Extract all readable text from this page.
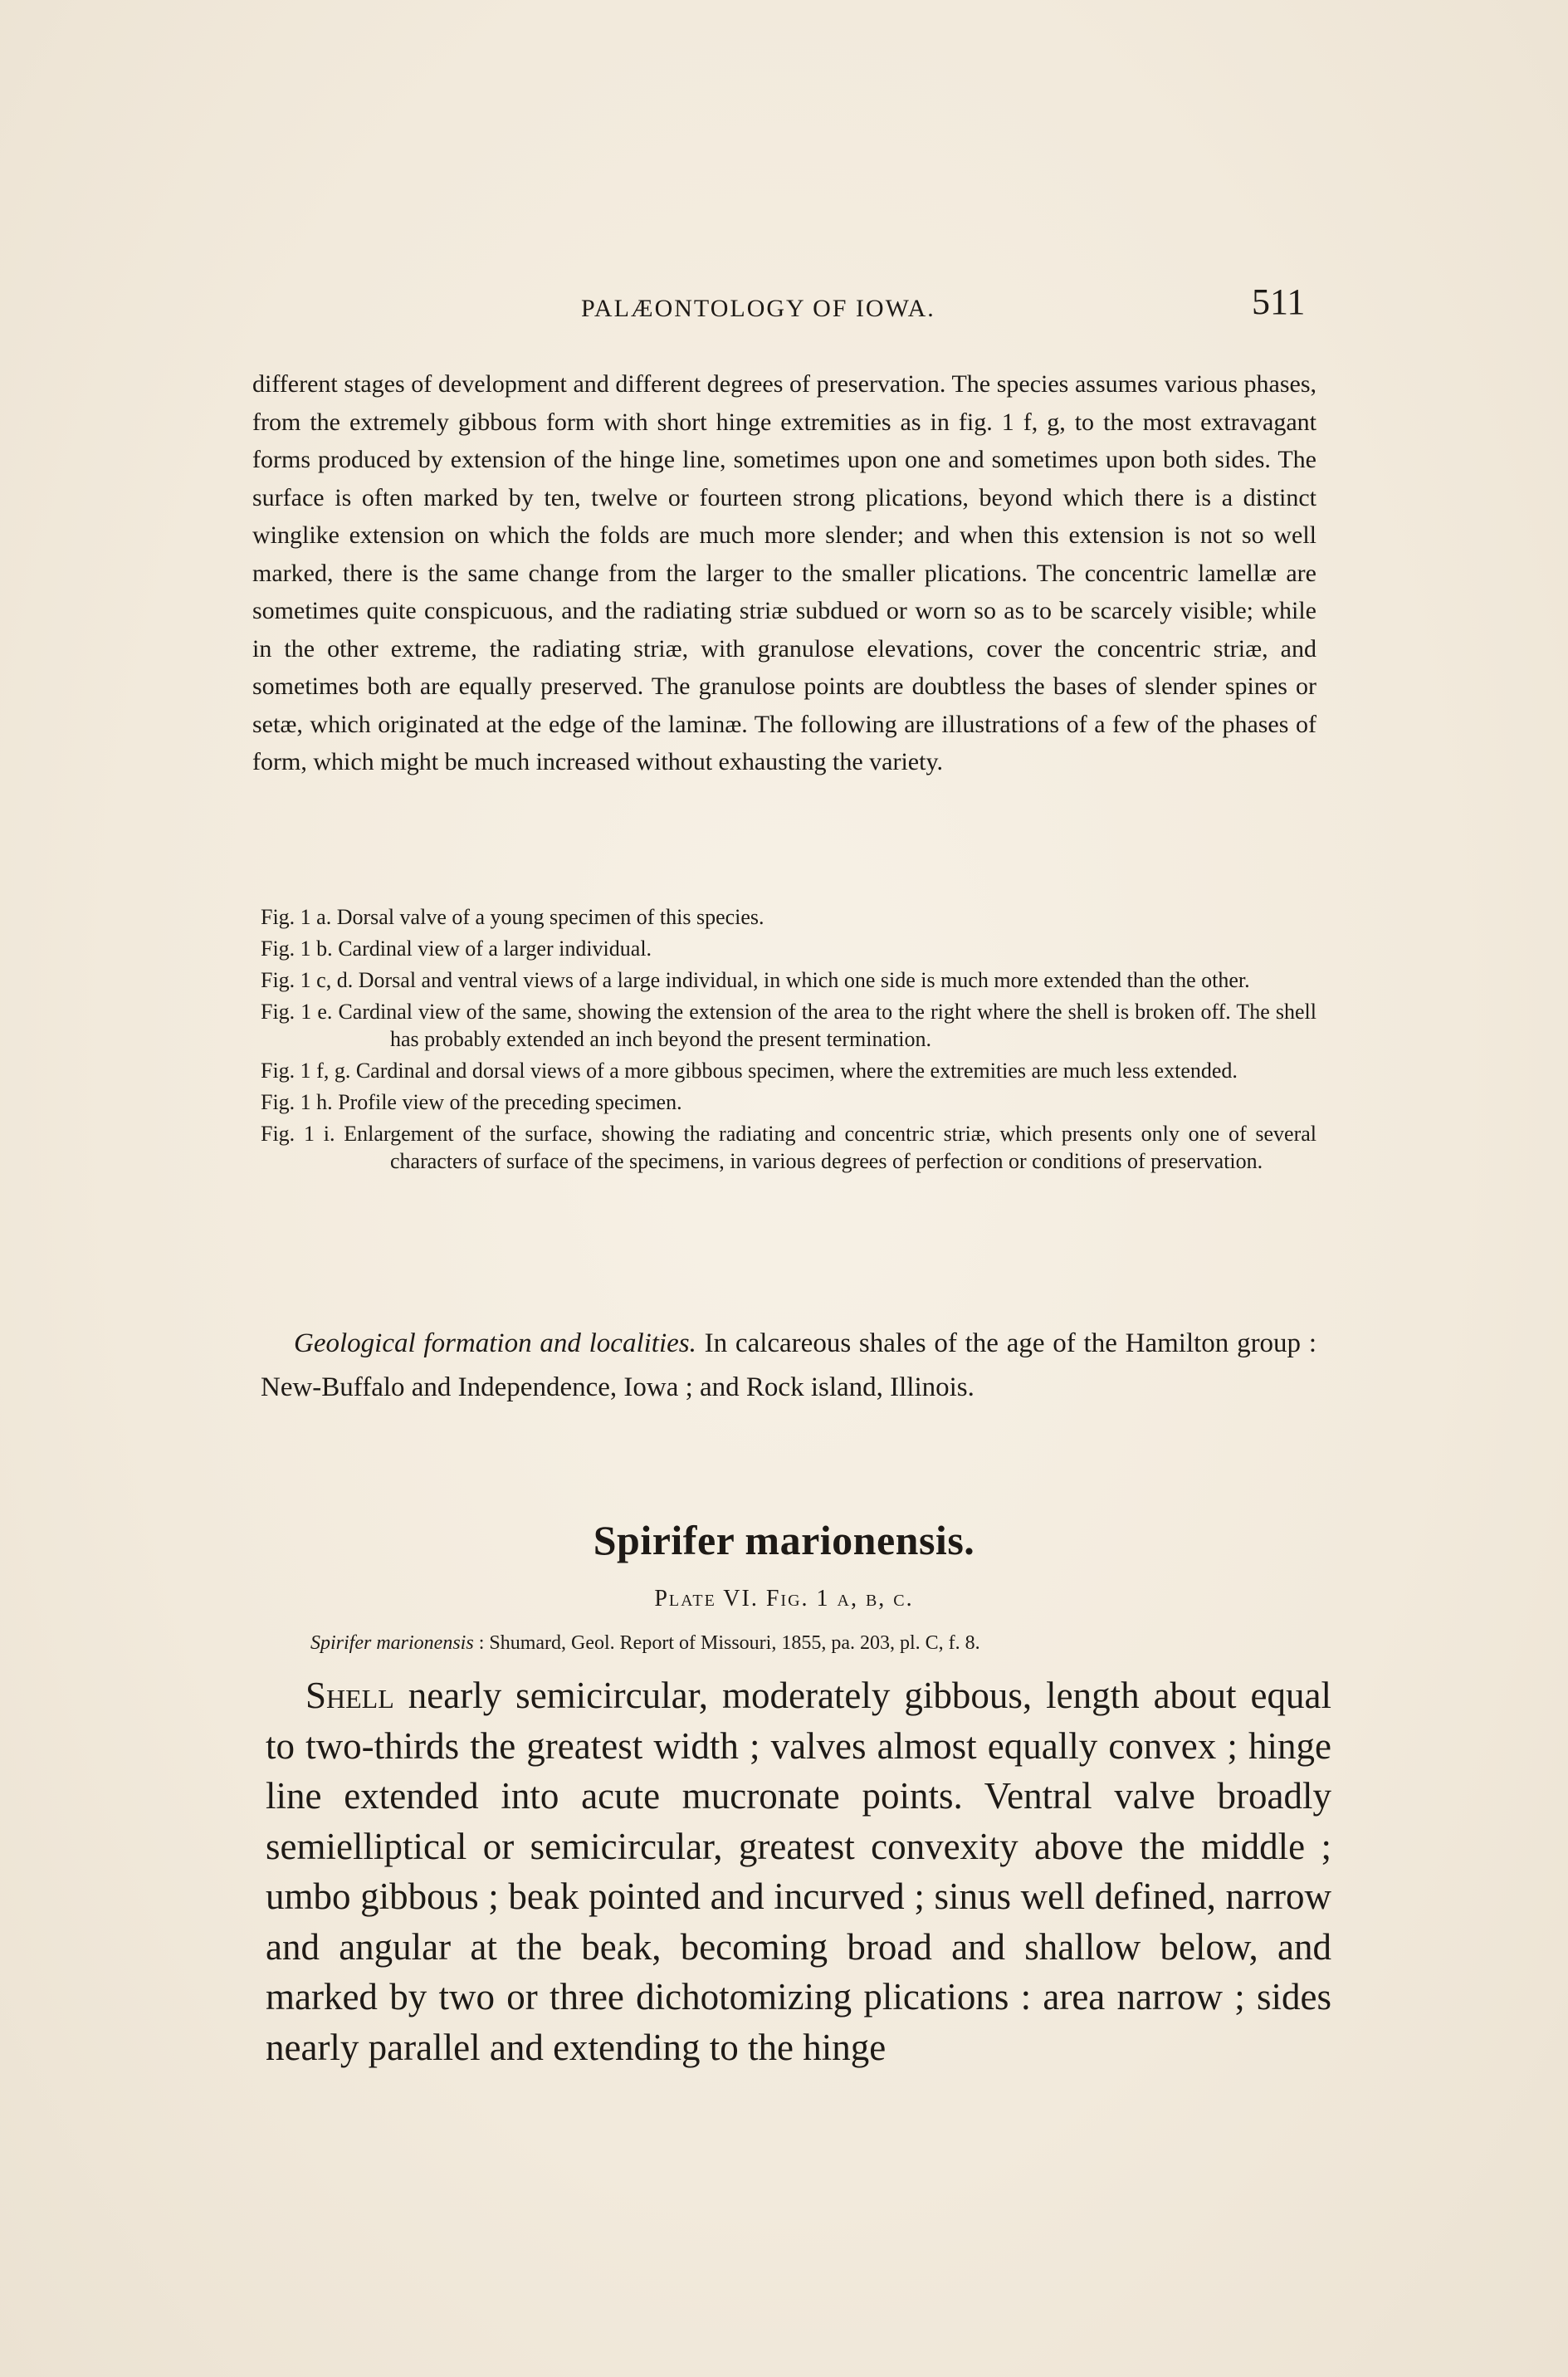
PALÆONTOLOGY OF IOWA.	511

different stages of development and different degrees of preservation. The species assumes various phases, from the extremely gibbous form with short hinge extremities as in fig. 1 f, g, to the most extravagant forms produced by extension of the hinge line, sometimes upon one and sometimes upon both sides. The surface is often marked by ten, twelve or fourteen strong plications, beyond which there is a distinct winglike extension on which the folds are much more slender; and when this extension is not so well marked, there is the same change from the larger to the smaller plications. The concentric lamellæ are sometimes quite conspicuous, and the radiating striæ subdued or worn so as to be scarcely visible; while in the other extreme, the radiating striæ, with granulose elevations, cover the concentric striæ, and sometimes both are equally preserved. The granulose points are doubtless the bases of slender spines or setæ, which originated at the edge of the laminæ. The following are illustrations of a few of the phases of form, which might be much increased without exhausting the variety.

Fig. 1 a. Dorsal valve of a young specimen of this species.
Fig. 1 b. Cardinal view of a larger individual.
Fig. 1 c, d. Dorsal and ventral views of a large individual, in which one side is much more extended than the other.
Fig. 1 e. Cardinal view of the same, showing the extension of the area to the right where the shell is broken off. The shell has probably extended an inch beyond the present termination.
Fig. 1 f, g. Cardinal and dorsal views of a more gibbous specimen, where the extremities are much less extended.
Fig. 1 h. Profile view of the preceding specimen.
Fig. 1 i. Enlargement of the surface, showing the radiating and concentric striæ, which presents only one of several characters of surface of the specimens, in various degrees of perfection or conditions of preservation.

Geological formation and localities. In calcareous shales of the age of the Hamilton group : New-Buffalo and Independence, Iowa ; and Rock island, Illinois.

Spirifer marionensis.
Plate VI. Fig. 1 a, b, c.
Spirifer marionensis : Shumard, Geol. Report of Missouri, 1855, pa. 203, pl. C, f. 8.

Shell nearly semicircular, moderately gibbous, length about equal to two-thirds the greatest width ; valves almost equally convex ; hinge line extended into acute mucronate points. Ventral valve broadly semielliptical or semicircular, greatest convexity above the middle ; umbo gibbous ; beak pointed and incurved ; sinus well defined, narrow and angular at the beak, becoming broad and shallow below, and marked by two or three dichotomizing plications : area narrow ; sides nearly parallel and extending to the hinge
